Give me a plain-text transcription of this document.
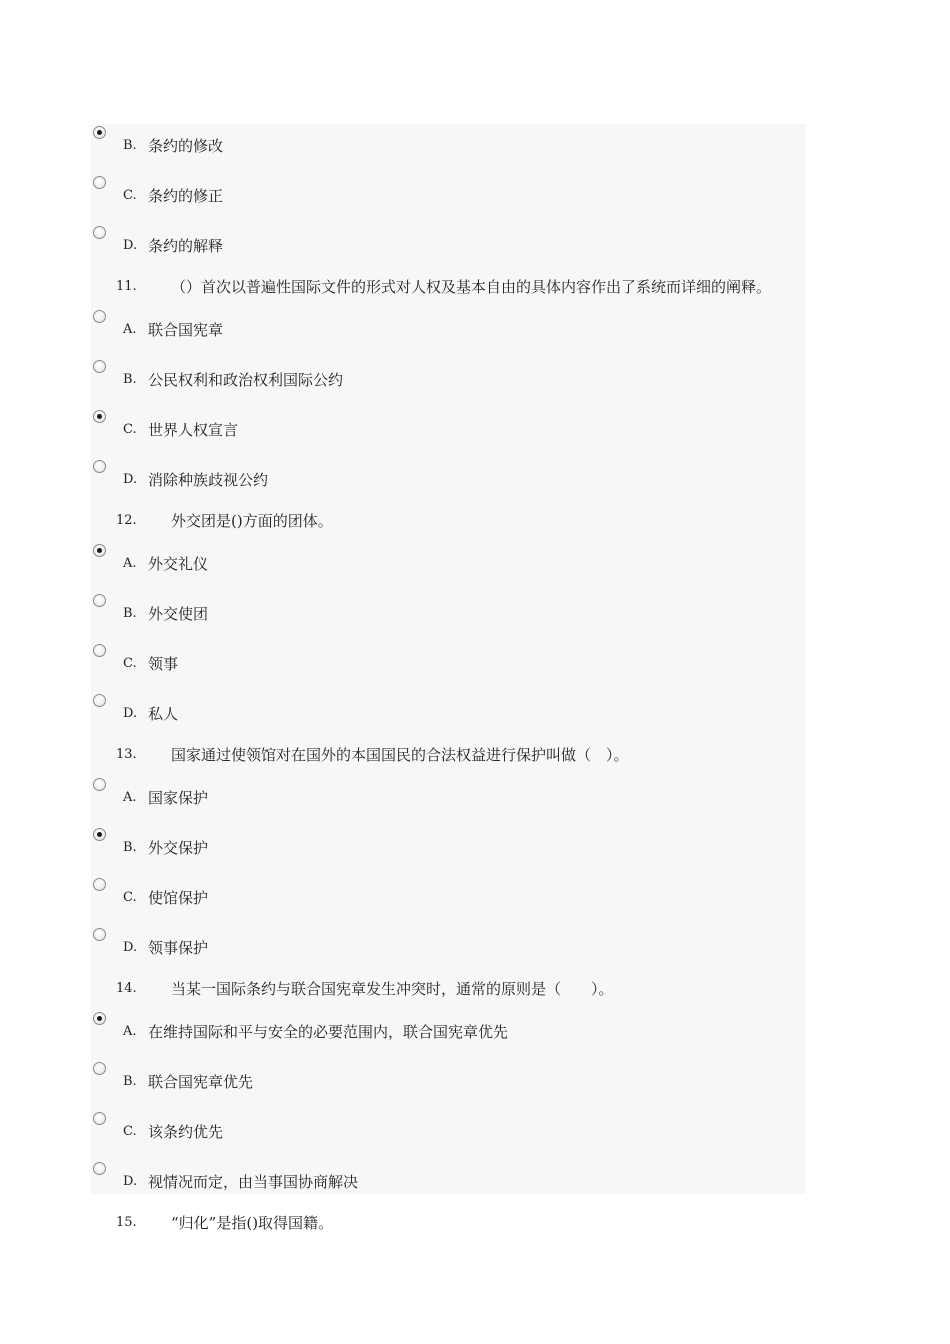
B. 条约的修改
C. 条约的修正
D. 条约的解释
11. （）首次以普遍性国际文件的形式对人权及基本自由的具体内容作出了系统而详细的阐释。
A. 联合国宪章
B. 公民权利和政治权利国际公约
C. 世界人权宣言
D. 消除种族歧视公约
12. 外交团是()方面的团体。
A. 外交礼仪
B. 外交使团
C. 领事
D. 私人
13. 国家通过使领馆对在国外的本国国民的合法权益进行保护叫做（　）。
A. 国家保护
B. 外交保护
C. 使馆保护
D. 领事保护
14. 当某一国际条约与联合国宪章发生冲突时，通常的原则是（　　）。
A. 在维持国际和平与安全的必要范围内，联合国宪章优先
B. 联合国宪章优先
C. 该条约优先
D. 视情况而定，由当事国协商解决
15. “归化”是指()取得国籍。
